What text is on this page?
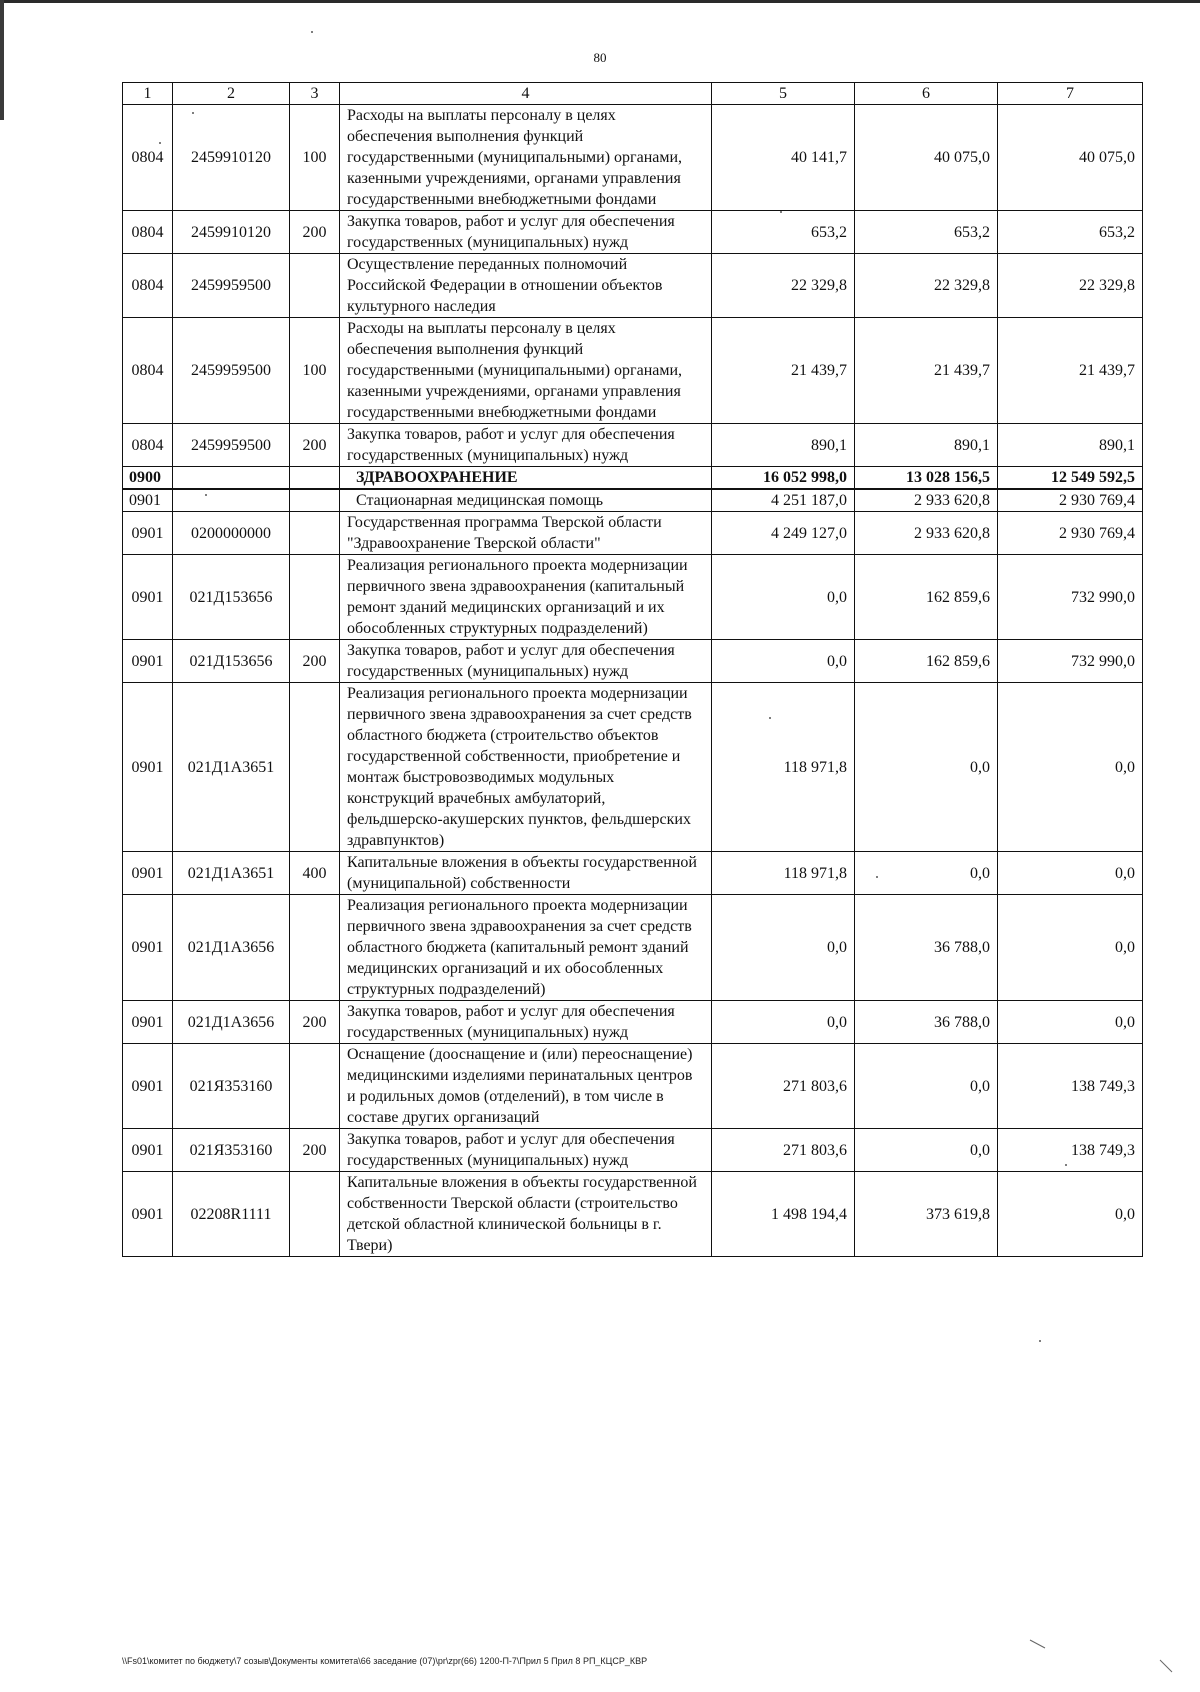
80
1	2	3	4	5	6	7
0804	2459910120	100	Расходы на выплаты персоналу в целях обеспечения выполнения функций государственными (муниципальными) органами, казенными учреждениями, органами управления государственными внебюджетными фондами	40 141,7	40 075,0	40 075,0
0804	2459910120	200	Закупка товаров, работ и услуг для обеспечения государственных (муниципальных) нужд	653,2	653,2	653,2
0804	2459959500		Осуществление переданных полномочий Российской Федерации в отношении объектов культурного наследия	22 329,8	22 329,8	22 329,8
0804	2459959500	100	Расходы на выплаты персоналу в целях обеспечения выполнения функций государственными (муниципальными) органами, казенными учреждениями, органами управления государственными внебюджетными фондами	21 439,7	21 439,7	21 439,7
0804	2459959500	200	Закупка товаров, работ и услуг для обеспечения государственных (муниципальных) нужд	890,1	890,1	890,1
0900			ЗДРАВООХРАНЕНИЕ	16 052 998,0	13 028 156,5	12 549 592,5
0901			Стационарная медицинская помощь	4 251 187,0	2 933 620,8	2 930 769,4
0901	0200000000		Государственная программа Тверской области "Здравоохранение Тверской области"	4 249 127,0	2 933 620,8	2 930 769,4
0901	021Д153656		Реализация регионального проекта модернизации первичного звена здравоохранения (капитальный ремонт зданий медицинских организаций и их обособленных структурных подразделений)	0,0	162 859,6	732 990,0
0901	021Д153656	200	Закупка товаров, работ и услуг для обеспечения государственных (муниципальных) нужд	0,0	162 859,6	732 990,0
0901	021Д1А3651		Реализация регионального проекта модернизации первичного звена здравоохранения за счет средств областного бюджета (строительство объектов государственной собственности, приобретение и монтаж быстровозводимых модульных конструкций врачебных амбулаторий, фельдшерско-акушерских пунктов, фельдшерских здравпунктов)	118 971,8	0,0	0,0
0901	021Д1А3651	400	Капитальные вложения в объекты государственной (муниципальной) собственности	118 971,8	0,0	0,0
0901	021Д1А3656		Реализация регионального проекта модернизации первичного звена здравоохранения за счет средств областного бюджета (капитальный ремонт зданий медицинских организаций и их обособленных структурных подразделений)	0,0	36 788,0	0,0
0901	021Д1А3656	200	Закупка товаров, работ и услуг для обеспечения государственных (муниципальных) нужд	0,0	36 788,0	0,0
0901	021Я353160		Оснащение (дооснащение и (или) переоснащение) медицинскими изделиями перинатальных центров и родильных домов (отделений), в том числе в составе других организаций	271 803,6	0,0	138 749,3
0901	021Я353160	200	Закупка товаров, работ и услуг для обеспечения государственных (муниципальных) нужд	271 803,6	0,0	138 749,3
0901	02208R1111		Капитальные вложения в объекты государственной собственности Тверской области (строительство детской областной клинической больницы в г. Твери)	1 498 194,4	373 619,8	0,0
\\Fs01\комитет по бюджету\7 созыв\Документы комитета\66 заседание (07)\pr\zpr(66) 1200-П-7\Прил 5 Прил 8 РП_КЦСР_КВР
